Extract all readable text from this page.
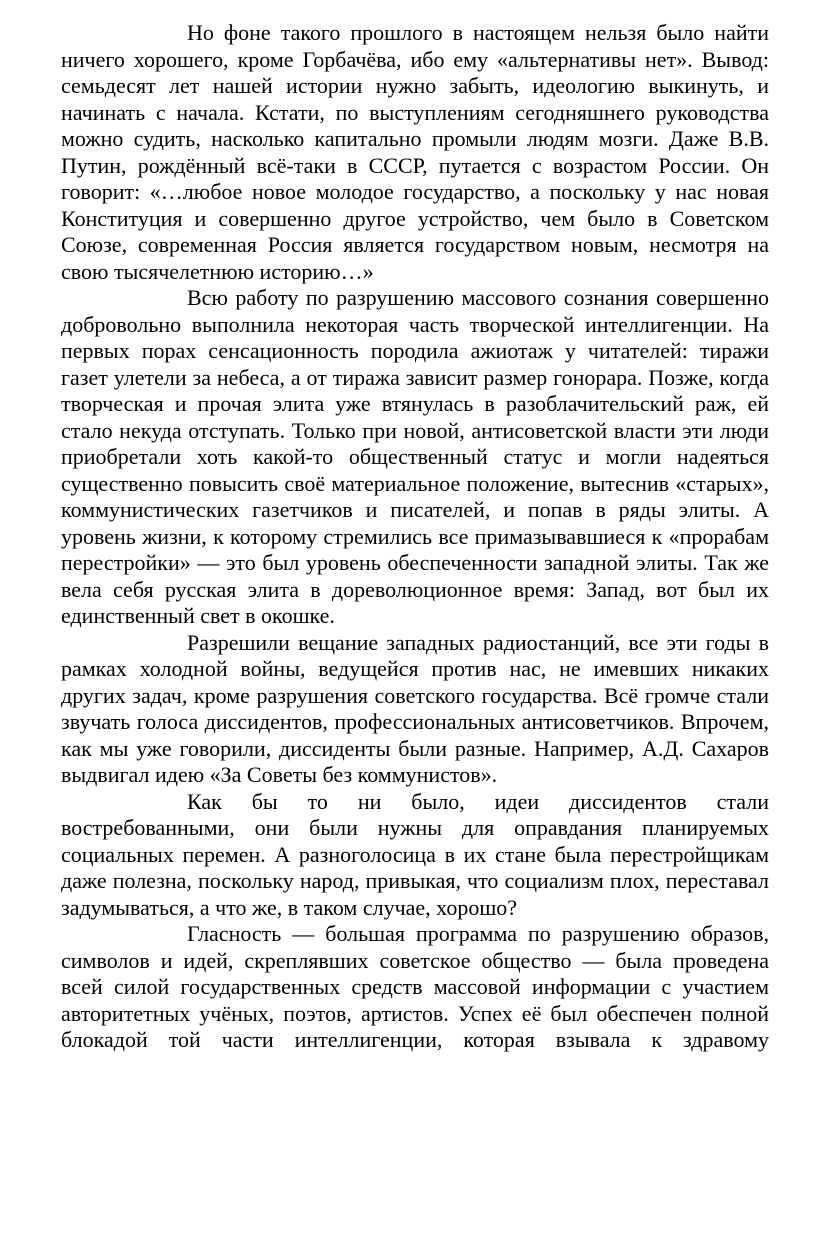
Но фоне такого прошлого в настоящем нельзя было найти ничего хорошего, кроме Горбачёва, ибо ему «альтернативы нет». Вывод: семьдесят лет нашей истории нужно забыть, идеологию выкинуть, и начинать с начала. Кстати, по выступлениям сегодняшнего руководства можно судить, насколько капитально промыли людям мозги. Даже В.В. Путин, рождённый всё-таки в СССР, путается с возрастом России. Он говорит: «…любое новое молодое государство, а поскольку у нас новая Конституция и совершенно другое устройство, чем было в Советском Союзе, современная Россия является государством новым, несмотря на свою тысячелетнюю историю…»

Всю работу по разрушению массового сознания совершенно добровольно выполнила некоторая часть творческой интеллигенции. На первых порах сенсационность породила ажиотаж у читателей: тиражи газет улетели за небеса, а от тиража зависит размер гонорара. Позже, когда творческая и прочая элита уже втянулась в разоблачительский раж, ей стало некуда отступать. Только при новой, антисоветской власти эти люди приобретали хоть какой-то общественный статус и могли надеяться существенно повысить своё материальное положение, вытеснив «старых», коммунистических газетчиков и писателей, и попав в ряды элиты. А уровень жизни, к которому стремились все примазывавшиеся к «прорабам перестройки» — это был уровень обеспеченности западной элиты. Так же вела себя русская элита в дореволюционное время: Запад, вот был их единственный свет в окошке.

Разрешили вещание западных радиостанций, все эти годы в рамках холодной войны, ведущейся против нас, не имевших никаких других задач, кроме разрушения советского государства. Всё громче стали звучать голоса диссидентов, профессиональных антисоветчиков. Впрочем, как мы уже говорили, диссиденты были разные. Например, А.Д. Сахаров выдвигал идею «За Советы без коммунистов».

Как бы то ни было, идеи диссидентов стали востребованными, они были нужны для оправдания планируемых социальных перемен. А разноголосица в их стане была перестройщикам даже полезна, поскольку народ, привыкая, что социализм плох, переставал задумываться, а что же, в таком случае, хорошо?

Гласность — большая программа по разрушению образов, символов и идей, скреплявших советское общество — была проведена всей силой государственных средств массовой информации с участием авторитетных учёных, поэтов, артистов. Успех её был обеспечен полной блокадой той части интеллигенции, которая взывала к здравому
